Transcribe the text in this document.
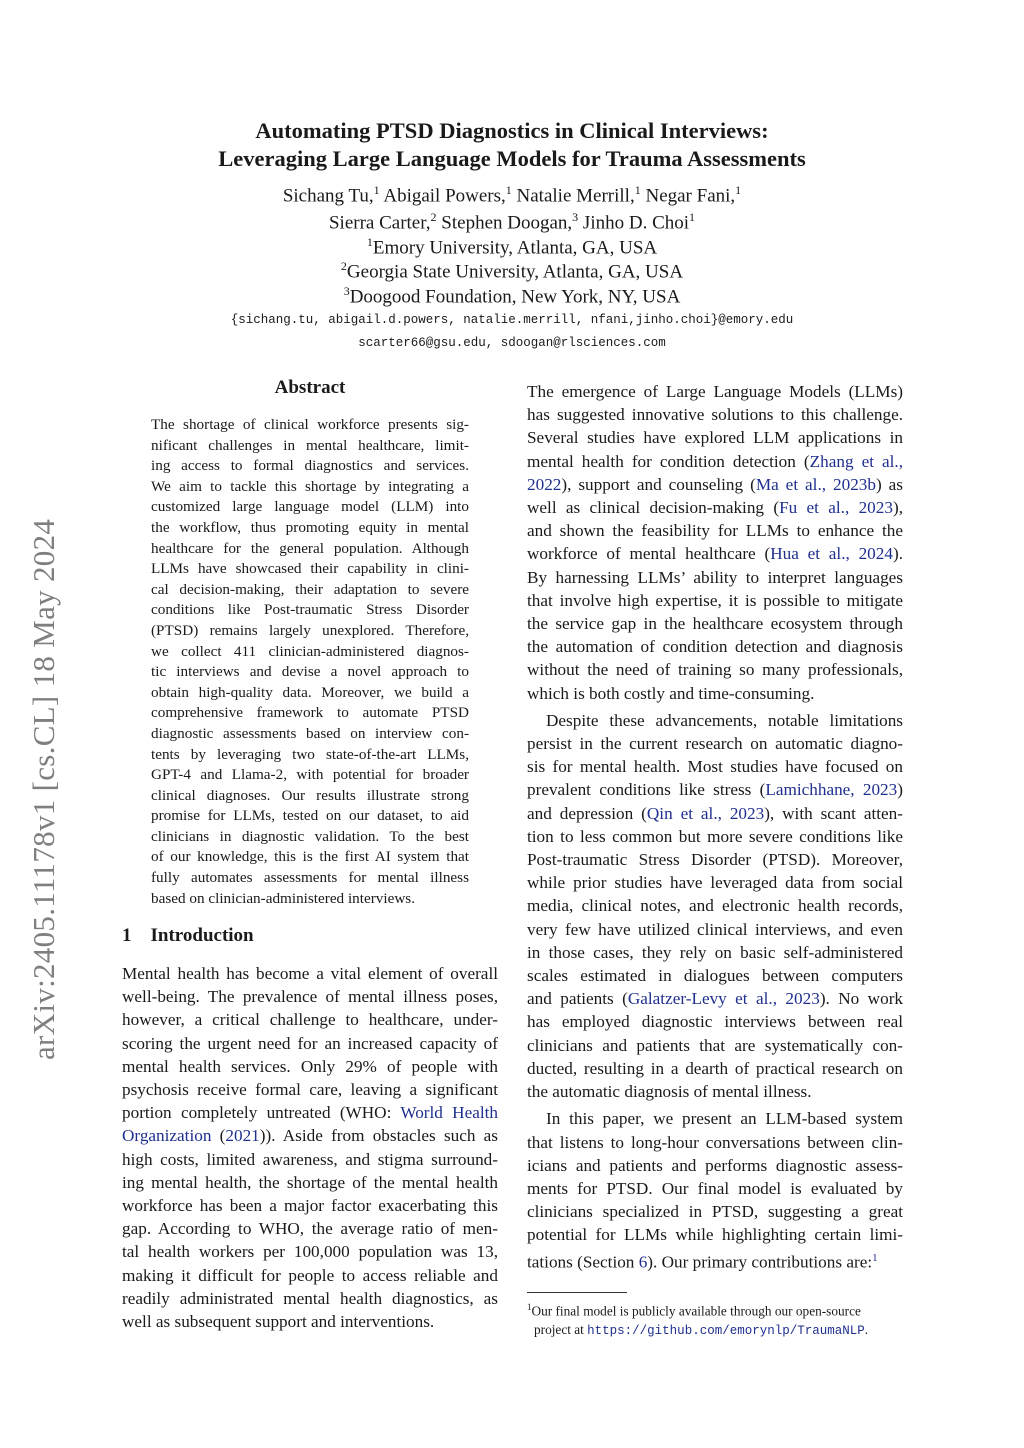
arXiv:2405.11178v1 [cs.CL] 18 May 2024
Automating PTSD Diagnostics in Clinical Interviews:
Leveraging Large Language Models for Trauma Assessments
Sichang Tu,$^1$ Abigail Powers,$^1$ Natalie Merrill,$^1$ Negar Fani,$^1$
Sierra Carter,$^2$ Stephen Doogan,$^3$ Jinho D. Choi$^1$
$^1$Emory University, Atlanta, GA, USA
$^2$Georgia State University, Atlanta, GA, USA
$^3$Doogood Foundation, New York, NY, USA
{sichang.tu, abigail.d.powers, natalie.merrill, nfani,jinho.choi}@emory.edu
scarter66@gsu.edu, sdoogan@rlsciences.com
Abstract
The shortage of clinical workforce presents sig-
nificant challenges in mental healthcare, limit-
ing access to formal diagnostics and services.
We aim to tackle this shortage by integrating a
customized large language model (LLM) into
the workflow, thus promoting equity in mental
healthcare for the general population. Although
LLMs have showcased their capability in clini-
cal decision-making, their adaptation to severe
conditions like Post-traumatic Stress Disorder
(PTSD) remains largely unexplored. Therefore,
we collect 411 clinician-administered diagnos-
tic interviews and devise a novel approach to
obtain high-quality data. Moreover, we build a
comprehensive framework to automate PTSD
diagnostic assessments based on interview con-
tents by leveraging two state-of-the-art LLMs,
GPT-4 and Llama-2, with potential for broader
clinical diagnoses. Our results illustrate strong
promise for LLMs, tested on our dataset, to aid
clinicians in diagnostic validation. To the best
of our knowledge, this is the first AI system that
fully automates assessments for mental illness
based on clinician-administered interviews.
1 Introduction
Mental health has become a vital element of overall
well-being. The prevalence of mental illness poses,
however, a critical challenge to healthcare, under-
scoring the urgent need for an increased capacity of
mental health services. Only 29% of people with
psychosis receive formal care, leaving a significant
portion completely untreated (WHO: World Health
Organization (2021)). Aside from obstacles such as
high costs, limited awareness, and stigma surround-
ing mental health, the shortage of the mental health
workforce has been a major factor exacerbating this
gap. According to WHO, the average ratio of men-
tal health workers per 100,000 population was 13,
making it difficult for people to access reliable and
readily administrated mental health diagnostics, as
well as subsequent support and interventions.
The emergence of Large Language Models (LLMs)
has suggested innovative solutions to this challenge.
Several studies have explored LLM applications in
mental health for condition detection (Zhang et al.,
2022), support and counseling (Ma et al., 2023b) as
well as clinical decision-making (Fu et al., 2023),
and shown the feasibility for LLMs to enhance the
workforce of mental healthcare (Hua et al., 2024).
By harnessing LLMs’ ability to interpret languages
that involve high expertise, it is possible to mitigate
the service gap in the healthcare ecosystem through
the automation of condition detection and diagnosis
without the need of training so many professionals,
which is both costly and time-consuming.
Despite these advancements, notable limitations
persist in the current research on automatic diagno-
sis for mental health. Most studies have focused on
prevalent conditions like stress (Lamichhane, 2023)
and depression (Qin et al., 2023), with scant atten-
tion to less common but more severe conditions like
Post-traumatic Stress Disorder (PTSD). Moreover,
while prior studies have leveraged data from social
media, clinical notes, and electronic health records,
very few have utilized clinical interviews, and even
in those cases, they rely on basic self-administered
scales estimated in dialogues between computers
and patients (Galatzer-Levy et al., 2023). No work
has employed diagnostic interviews between real
clinicians and patients that are systematically con-
ducted, resulting in a dearth of practical research on
the automatic diagnosis of mental illness.
In this paper, we present an LLM-based system
that listens to long-hour conversations between clin-
icians and patients and performs diagnostic assess-
ments for PTSD. Our final model is evaluated by
clinicians specialized in PTSD, suggesting a great
potential for LLMs while highlighting certain limi-
tations (Section 6). Our primary contributions are:$^1$
$^1$Our final model is publicly available through our open-source
project at https://github.com/emorynlp/TraumaNLP.
